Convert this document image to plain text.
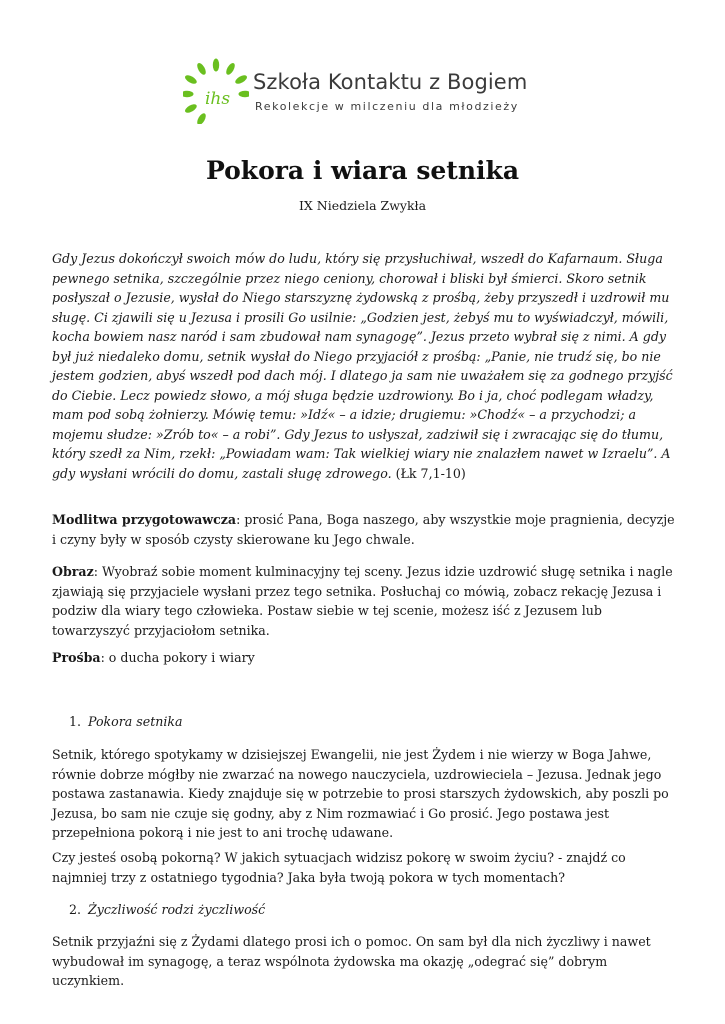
ihs
Szkoła Kontaktu z Bogiem
Rekolekcje w milczeniu dla młodzieży
Pokora i wiara setnika

IX Niedziela Zwykła

Gdy Jezus dokończył swoich mów do ludu, który się przysłuchiwał, wszedł do Kafarnaum. Sługa pewnego setnika, szczególnie przez niego ceniony, chorował i bliski był śmierci. Skoro setnik posłyszał o Jezusie, wysłał do Niego starszyznę żydowską z prośbą, żeby przyszedł i uzdrowił mu sługę. Ci zjawili się u Jezusa i prosili Go usilnie: „Godzien jest, żebyś mu to wyświadczył, mówili, kocha bowiem nasz naród i sam zbudował nam synagogę”. Jezus przeto wybrał się z nimi. A gdy był już niedaleko domu, setnik wysłał do Niego przyjaciół z prośbą: „Panie, nie trudź się, bo nie jestem godzien, abyś wszedł pod dach mój. I dlatego ja sam nie uważałem się za godnego przyjść do Ciebie. Lecz powiedz słowo, a mój sługa będzie uzdrowiony. Bo i ja, choć podlegam władzy, mam pod sobą żołnierzy. Mówię temu: »Idź« – a idzie; drugiemu: »Chodź« – a przychodzi; a mojemu słudze: »Zrób to« – a robi”. Gdy Jezus to usłyszał, zadziwił się i zwracając się do tłumu, który szedł za Nim, rzekł: „Powiadam wam: Tak wielkiej wiary nie znalazłem nawet w Izraelu”. A gdy wysłani wrócili do domu, zastali sługę zdrowego. (Łk 7,1-10)

Modlitwa przygotowawcza: prosić Pana, Boga naszego, aby wszystkie moje pragnienia, decyzje i czyny były w sposób czysty skierowane ku Jego chwale.

Obraz: Wyobraź sobie moment kulminacyjny tej sceny. Jezus idzie uzdrowić sługę setnika i nagle zjawiają się przyjaciele wysłani przez tego setnika. Posłuchaj co mówią, zobacz rekację Jezusa i podziw dla wiary tego człowieka. Postaw siebie w tej scenie, możesz iść z Jezusem lub towarzyszyć przyjaciołom setnika.

Prośba: o ducha pokory i wiary

1. Pokora setnika

Setnik, którego spotykamy w dzisiejszej Ewangelii, nie jest Żydem i nie wierzy w Boga Jahwe, równie dobrze mógłby nie zwarzać na nowego nauczyciela, uzdrowieciela – Jezusa. Jednak jego postawa zastanawia. Kiedy znajduje się w potrzebie to prosi starszych żydowskich, aby poszli po Jezusa, bo sam nie czuje się godny, aby z Nim rozmawiać i Go prosić. Jego postawa jest przepełniona pokorą i nie jest to ani trochę udawane.

Czy jesteś osobą pokorną? W jakich sytuacjach widzisz pokorę w swoim życiu? - znajdź co najmniej trzy z ostatniego tygodnia? Jaka była twoją pokora w tych momentach?

2. Życzliwość rodzi życzliwość

Setnik przyjaźni się z Żydami dlatego prosi ich o pomoc. On sam był dla nich życzliwy i nawet wybudował im synagogę, a teraz wspólnota żydowska ma okazję „odegrać się” dobrym uczynkiem.
